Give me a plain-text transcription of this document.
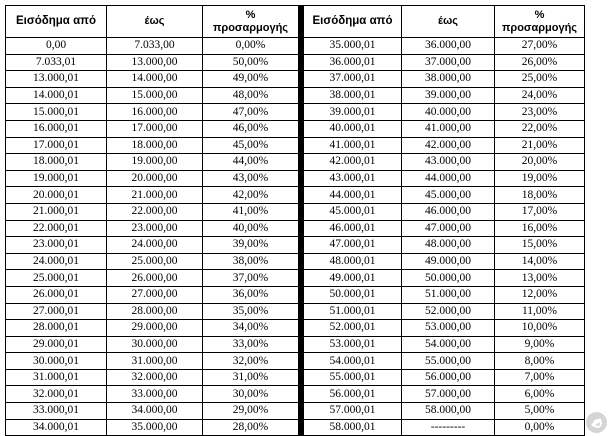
Εισόδημα από	έως	%
προσαρμογής
0,00	7.033,00	0,00%
7.033,01	13.000,00	50,00%
13.000,01	14.000,00	49,00%
14.000,01	15.000,00	48,00%
15.000,01	16.000,00	47,00%
16.000,01	17.000,00	46,00%
17.000,01	18.000,00	45,00%
18.000,01	19.000,00	44,00%
19.000,01	20.000,00	43,00%
20.000,01	21.000,00	42,00%
21.000,01	22.000,00	41,00%
22.000,01	23.000,00	40,00%
23.000,01	24.000,00	39,00%
24.000,01	25.000,00	38,00%
25.000,01	26.000,00	37,00%
26.000,01	27.000,00	36,00%
27.000,01	28.000,00	35,00%
28.000,01	29.000,00	34,00%
29.000,01	30.000,00	33,00%
30.000,01	31.000,00	32,00%
31.000,01	32.000,00	31,00%
32.000,01	33.000,00	30,00%
33.000,01	34.000,00	29,00%
34.000,01	35.000,00	28,00%
Εισόδημα από	έως	%
προσαρμογής
35.000,01	36.000,00	27,00%
36.000,01	37.000,00	26,00%
37.000,01	38.000,00	25,00%
38.000,01	39.000,00	24,00%
39.000,01	40.000,00	23,00%
40.000,01	41.000,00	22,00%
41.000,01	42.000,00	21,00%
42.000,01	43.000,00	20,00%
43.000,01	44.000,00	19,00%
44.000,01	45.000,00	18,00%
45.000,01	46.000,00	17,00%
46.000,01	47.000,00	16,00%
47.000,01	48.000,00	15,00%
48.000,01	49.000,00	14,00%
49.000,01	50.000,00	13,00%
50.000,01	51.000,00	12,00%
51.000,01	52.000,00	11,00%
52.000,01	53.000,00	10,00%
53.000,01	54.000,00	9,00%
54.000,01	55.000,00	8,00%
55.000,01	56.000,00	7,00%
56.000,01	57.000,00	6,00%
57.000,01	58.000,00	5,00%
58.000,01	---------	0,00%
